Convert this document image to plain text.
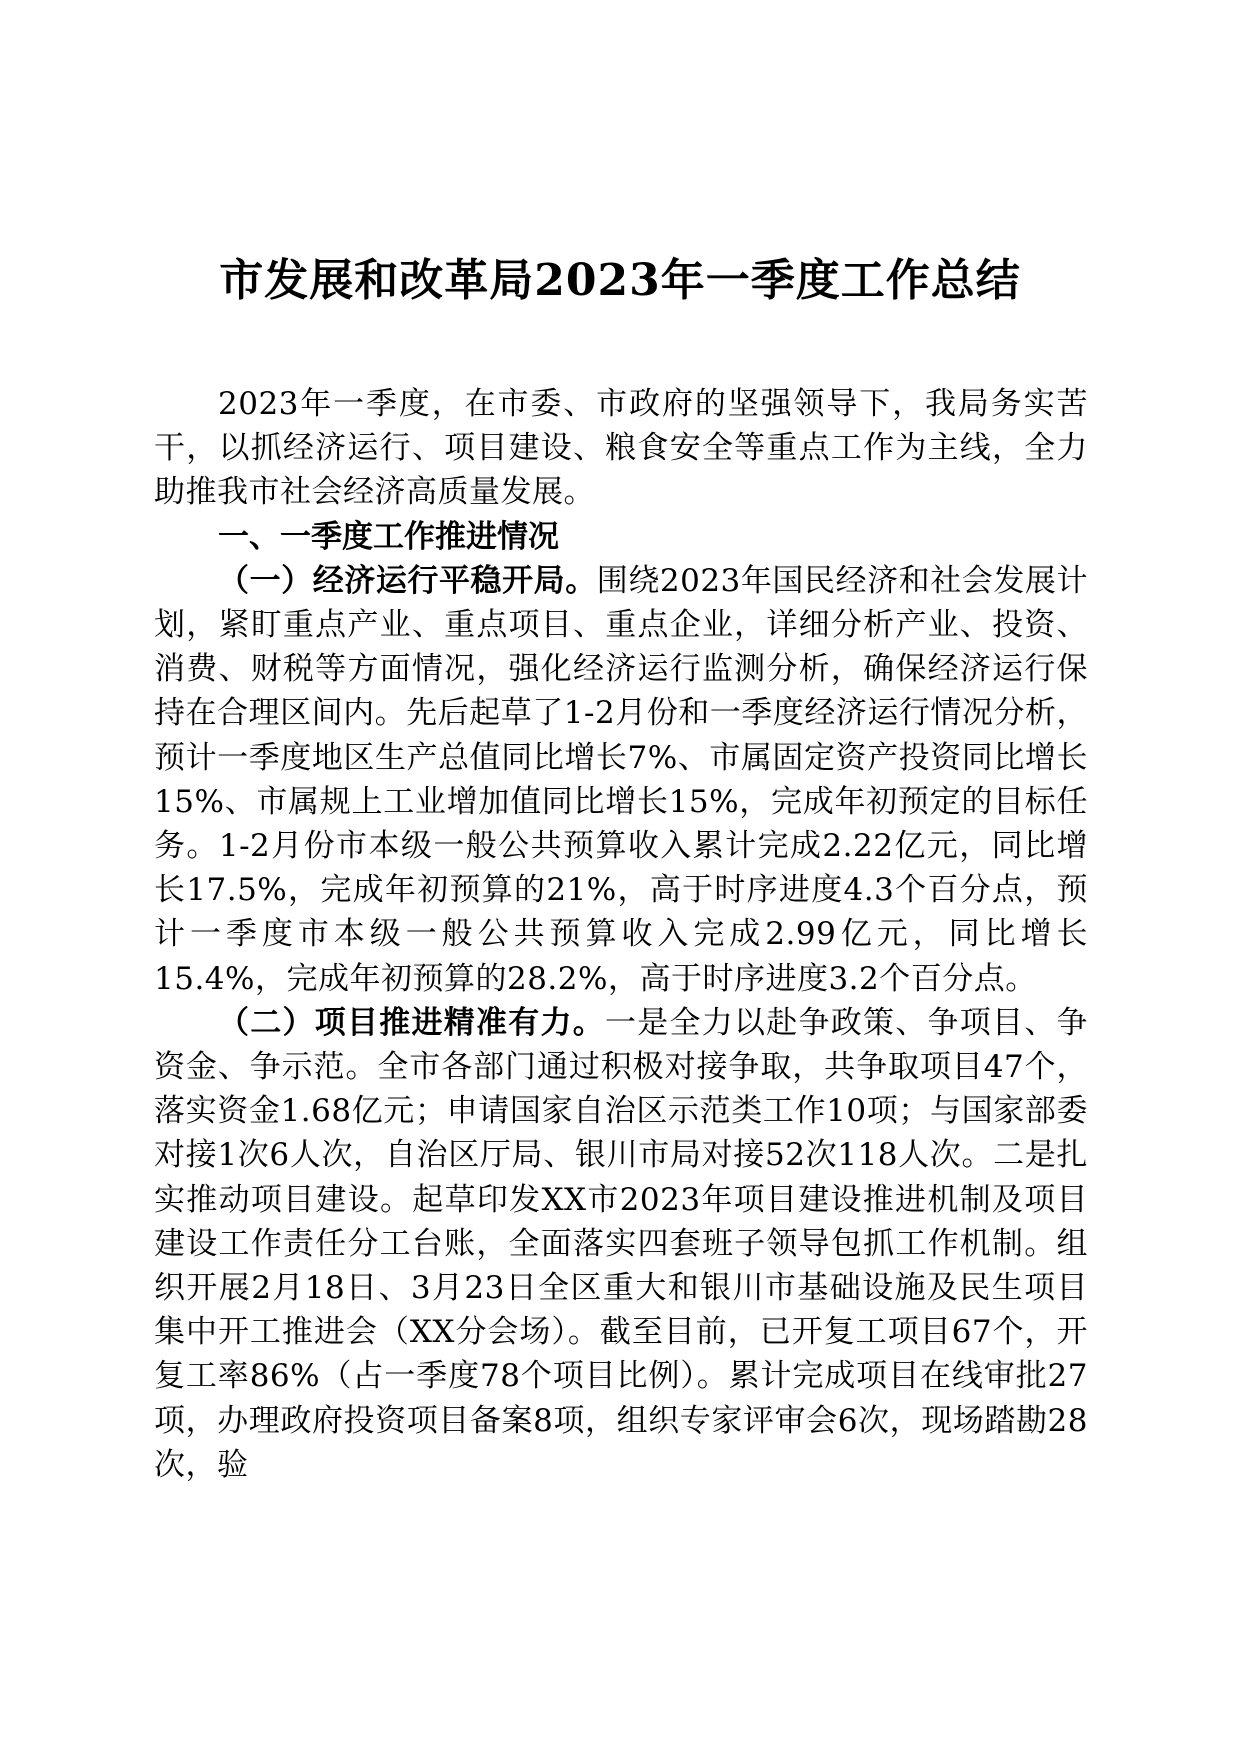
市发展和改革局2023年一季度工作总结

2023年一季度，在市委、市政府的坚强领导下，我局务实苦干，以抓经济运行、项目建设、粮食安全等重点工作为主线，全力助推我市社会经济高质量发展。

一、一季度工作推进情况

（一）经济运行平稳开局。围绕2023年国民经济和社会发展计划，紧盯重点产业、重点项目、重点企业，详细分析产业、投资、消费、财税等方面情况，强化经济运行监测分析，确保经济运行保持在合理区间内。先后起草了1-2月份和一季度经济运行情况分析，预计一季度地区生产总值同比增长7%、市属固定资产投资同比增长15%、市属规上工业增加值同比增长15%，完成年初预定的目标任务。1-2月份市本级一般公共预算收入累计完成2.22亿元，同比增长17.5%，完成年初预算的21%，高于时序进度4.3个百分点，预计一季度市本级一般公共预算收入完成2.99亿元，同比增长15.4%，完成年初预算的28.2%，高于时序进度3.2个百分点。

（二）项目推进精准有力。一是全力以赴争政策、争项目、争资金、争示范。全市各部门通过积极对接争取，共争取项目47个，落实资金1.68亿元；申请国家自治区示范类工作10项；与国家部委对接1次6人次，自治区厅局、银川市局对接52次118人次。二是扎实推动项目建设。起草印发XX市2023年项目建设推进机制及项目建设工作责任分工台账，全面落实四套班子领导包抓工作机制。组织开展2月18日、3月23日全区重大和银川市基础设施及民生项目集中开工推进会（XX分会场）。截至目前，已开复工项目67个，开复工率86%（占一季度78个项目比例）。累计完成项目在线审批27项，办理政府投资项目备案8项，组织专家评审会6次，现场踏勘28次，验
